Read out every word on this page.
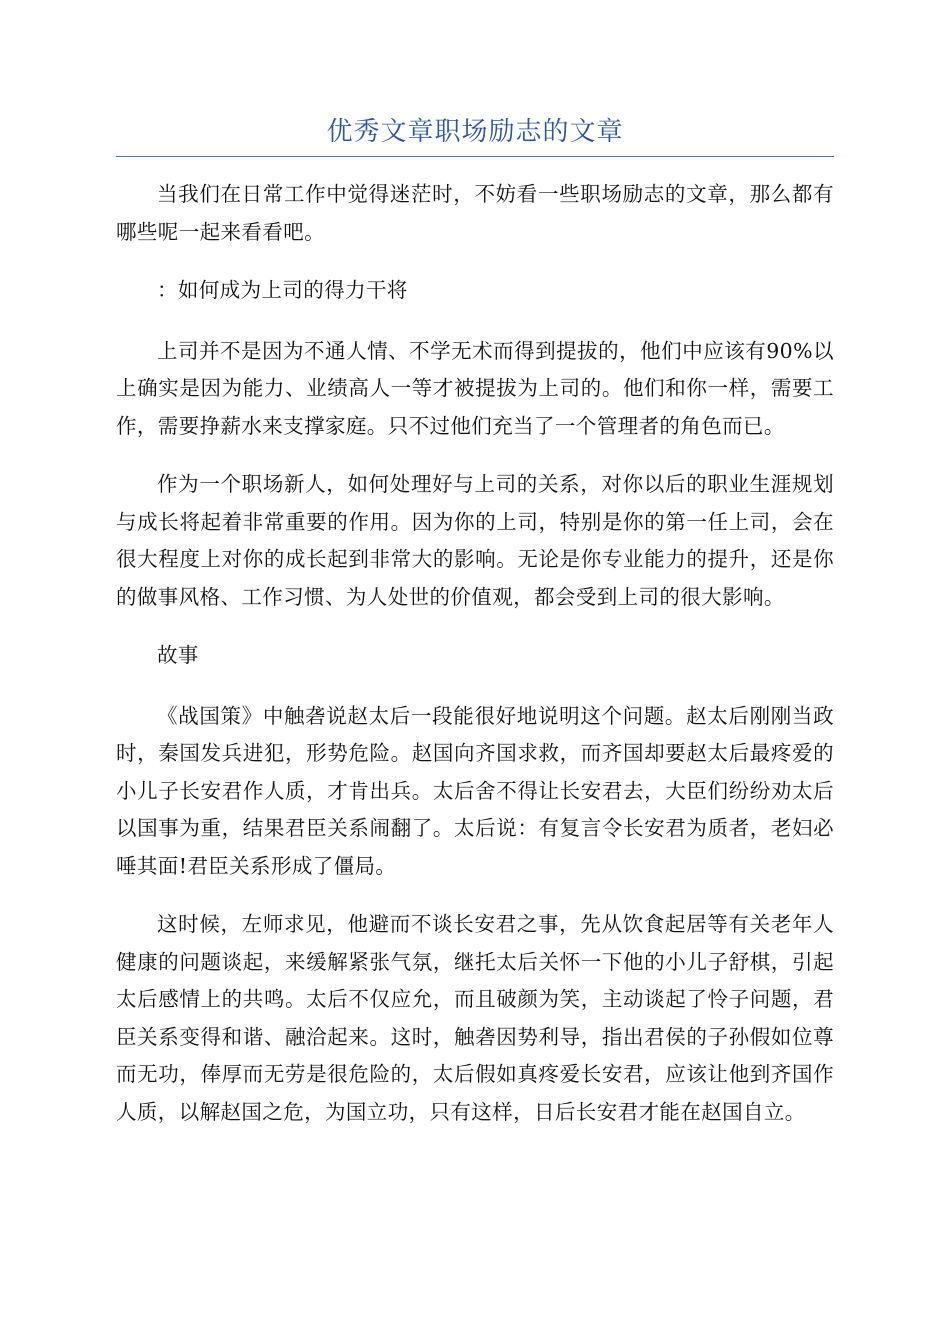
优秀文章职场励志的文章

当我们在日常工作中觉得迷茫时，不妨看一些职场励志的文章，那么都有哪些呢一起来看看吧。

：如何成为上司的得力干将

上司并不是因为不通人情、不学无术而得到提拔的，他们中应该有90%以上确实是因为能力、业绩高人一等才被提拔为上司的。他们和你一样，需要工作，需要挣薪水来支撑家庭。只不过他们充当了一个管理者的角色而已。

作为一个职场新人，如何处理好与上司的关系，对你以后的职业生涯规划与成长将起着非常重要的作用。因为你的上司，特别是你的第一任上司，会在很大程度上对你的成长起到非常大的影响。无论是你专业能力的提升，还是你的做事风格、工作习惯、为人处世的价值观，都会受到上司的很大影响。

故事

《战国策》中触砻说赵太后一段能很好地说明这个问题。赵太后刚刚当政时，秦国发兵进犯，形势危险。赵国向齐国求救，而齐国却要赵太后最疼爱的小儿子长安君作人质，才肯出兵。太后舍不得让长安君去，大臣们纷纷劝太后以国事为重，结果君臣关系闹翻了。太后说：有复言令长安君为质者，老妇必唾其面!君臣关系形成了僵局。

这时候，左师求见，他避而不谈长安君之事，先从饮食起居等有关老年人健康的问题谈起，来缓解紧张气氛，继托太后关怀一下他的小儿子舒棋，引起太后感情上的共鸣。太后不仅应允，而且破颜为笑，主动谈起了怜子问题，君臣关系变得和谐、融洽起来。这时，触砻因势利导，指出君侯的子孙假如位尊而无功，俸厚而无劳是很危险的，太后假如真疼爱长安君，应该让他到齐国作人质，以解赵国之危，为国立功，只有这样，日后长安君才能在赵国自立。
